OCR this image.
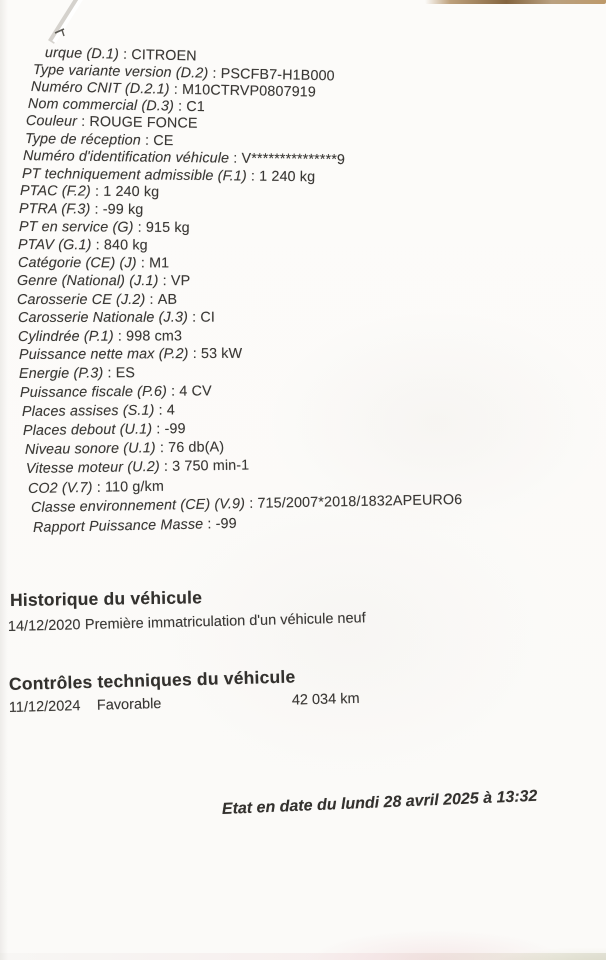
urque (D.1) : CITROEN
Type variante version (D.2) : PSCFB7-H1B000
Numéro CNIT (D.2.1) : M10CTRVP0807919
Nom commercial (D.3) : C1
Couleur : ROUGE FONCE
Type de réception : CE
Numéro d'identification véhicule : V***************9
PT techniquement admissible (F.1) : 1 240 kg
PTAC (F.2) : 1 240 kg
PTRA (F.3) : -99 kg
PT en service (G) : 915 kg
PTAV (G.1) : 840 kg
Catégorie (CE) (J) : M1
Genre (National) (J.1) : VP
Carosserie CE (J.2) : AB
Carosserie Nationale (J.3) : CI
Cylindrée (P.1) : 998 cm3
Puissance nette max (P.2) : 53 kW
Energie (P.3) : ES
Puissance fiscale (P.6) : 4 CV
Places assises (S.1) : 4
Places debout (U.1) : -99
Niveau sonore (U.1) : 76 db(A)
Vitesse moteur (U.2) : 3 750 min-1
CO2 (V.7) : 110 g/km
Classe environnement (CE) (V.9) : 715/2007*2018/1832APEURO6
Rapport Puissance Masse : -99
Historique du véhicule
14/12/2020 Première immatriculation d'un véhicule neuf
Contrôles techniques du véhicule
11/12/2024 Favorable	42 034 km
Etat en date du lundi 28 avril 2025 à 13:32
